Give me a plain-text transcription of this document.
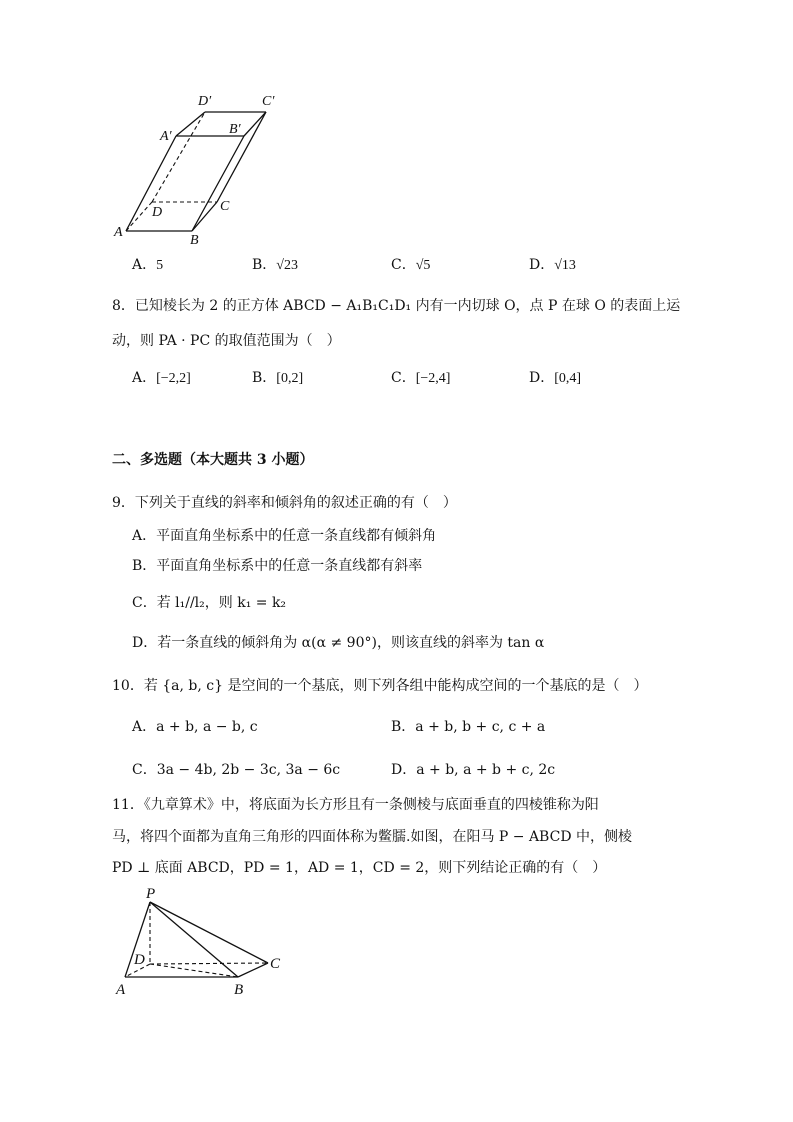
D′	C′
A′	B′
D	C
A
B
A．5	B．√23	C．√5	D．√13
8．已知棱长为 2 的正方体 ABCD − A₁B₁C₁D₁ 内有一内切球 O，点 P 在球 O 的表面上运
动，则 PA · PC 的取值范围为（　）
A．[−2,2]	B．[0,2]	C．[−2,4]	D．[0,4]
二、多选题（本大题共 3 小题）
9．下列关于直线的斜率和倾斜角的叙述正确的有（　）
A．平面直角坐标系中的任意一条直线都有倾斜角
B．平面直角坐标系中的任意一条直线都有斜率
C．若 l₁//l₂，则 k₁ = k₂
D．若一条直线的倾斜角为 α(α ≠ 90°)，则该直线的斜率为 tan α
10．若 {a, b, c} 是空间的一个基底，则下列各组中能构成空间的一个基底的是（　）
A．a + b, a − b, c	B．a + b, b + c, c + a
C．3a − 4b, 2b − 3c, 3a − 6c	D．a + b, a + b + c, 2c
11．《九章算术》中，将底面为长方形且有一条侧棱与底面垂直的四棱锥称为阳
马，将四个面都为直角三角形的四面体称为鳖臑.如图，在阳马 P − ABCD 中，侧棱
PD ⊥ 底面 ABCD，PD = 1，AD = 1，CD = 2，则下列结论正确的有（　）
P
D	C
A	B
